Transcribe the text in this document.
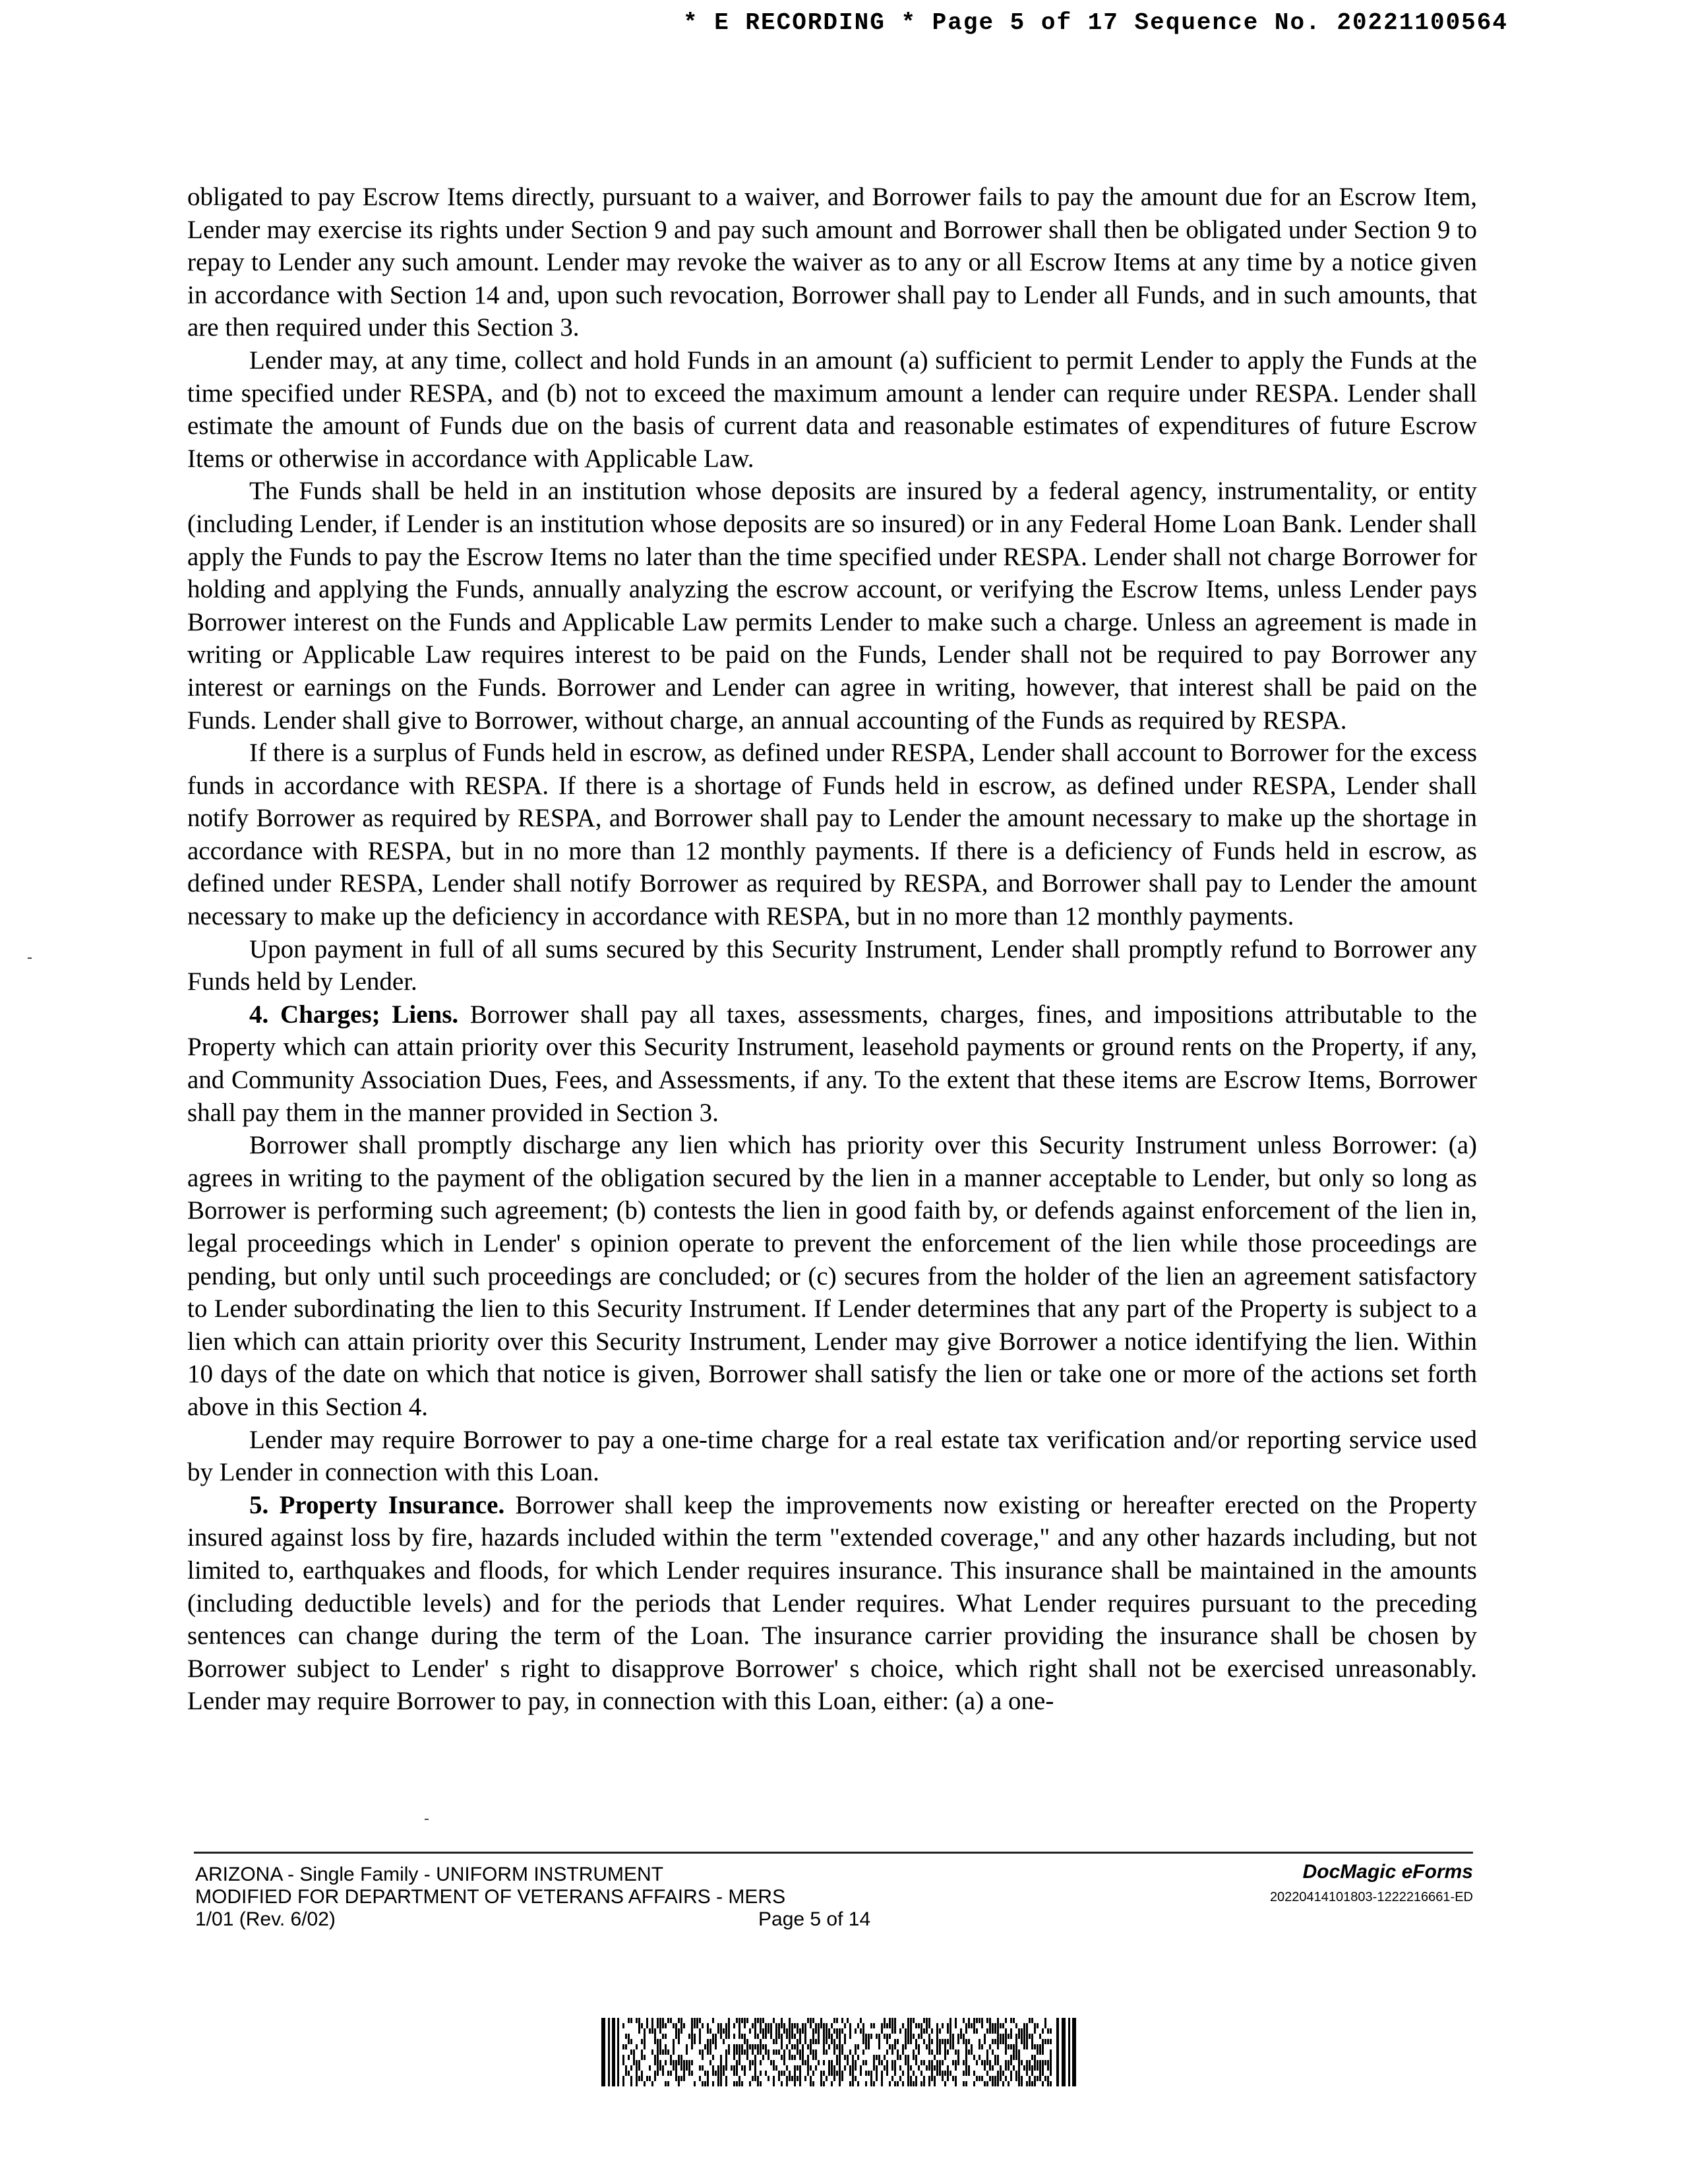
* E RECORDING * Page 5 of 17 Sequence No. 20221100564

obligated to pay Escrow Items directly, pursuant to a waiver, and Borrower fails to pay the amount due for an Escrow Item, Lender may exercise its rights under Section 9 and pay such amount and Borrower shall then be obligated under Section 9 to repay to Lender any such amount. Lender may revoke the waiver as to any or all Escrow Items at any time by a notice given in accordance with Section 14 and, upon such revocation, Borrower shall pay to Lender all Funds, and in such amounts, that are then required under this Section 3.

Lender may, at any time, collect and hold Funds in an amount (a) sufficient to permit Lender to apply the Funds at the time specified under RESPA, and (b) not to exceed the maximum amount a lender can require under RESPA. Lender shall estimate the amount of Funds due on the basis of current data and reasonable estimates of expenditures of future Escrow Items or otherwise in accordance with Applicable Law.

The Funds shall be held in an institution whose deposits are insured by a federal agency, instrumentality, or entity (including Lender, if Lender is an institution whose deposits are so insured) or in any Federal Home Loan Bank. Lender shall apply the Funds to pay the Escrow Items no later than the time specified under RESPA. Lender shall not charge Borrower for holding and applying the Funds, annually analyzing the escrow account, or verifying the Escrow Items, unless Lender pays Borrower interest on the Funds and Applicable Law permits Lender to make such a charge. Unless an agreement is made in writing or Applicable Law requires interest to be paid on the Funds, Lender shall not be required to pay Borrower any interest or earnings on the Funds. Borrower and Lender can agree in writing, however, that interest shall be paid on the Funds. Lender shall give to Borrower, without charge, an annual accounting of the Funds as required by RESPA.

If there is a surplus of Funds held in escrow, as defined under RESPA, Lender shall account to Borrower for the excess funds in accordance with RESPA. If there is a shortage of Funds held in escrow, as defined under RESPA, Lender shall notify Borrower as required by RESPA, and Borrower shall pay to Lender the amount necessary to make up the shortage in accordance with RESPA, but in no more than 12 monthly payments. If there is a deficiency of Funds held in escrow, as defined under RESPA, Lender shall notify Borrower as required by RESPA, and Borrower shall pay to Lender the amount necessary to make up the deficiency in accordance with RESPA, but in no more than 12 monthly payments.

Upon payment in full of all sums secured by this Security Instrument, Lender shall promptly refund to Borrower any Funds held by Lender.

4. Charges; Liens. Borrower shall pay all taxes, assessments, charges, fines, and impositions attributable to the Property which can attain priority over this Security Instrument, leasehold payments or ground rents on the Property, if any, and Community Association Dues, Fees, and Assessments, if any. To the extent that these items are Escrow Items, Borrower shall pay them in the manner provided in Section 3.

Borrower shall promptly discharge any lien which has priority over this Security Instrument unless Borrower: (a) agrees in writing to the payment of the obligation secured by the lien in a manner acceptable to Lender, but only so long as Borrower is performing such agreement; (b) contests the lien in good faith by, or defends against enforcement of the lien in, legal proceedings which in Lender' s opinion operate to prevent the enforcement of the lien while those proceedings are pending, but only until such proceedings are concluded; or (c) secures from the holder of the lien an agreement satisfactory to Lender subordinating the lien to this Security Instrument. If Lender determines that any part of the Property is subject to a lien which can attain priority over this Security Instrument, Lender may give Borrower a notice identifying the lien. Within 10 days of the date on which that notice is given, Borrower shall satisfy the lien or take one or more of the actions set forth above in this Section 4.

Lender may require Borrower to pay a one-time charge for a real estate tax verification and/or reporting service used by Lender in connection with this Loan.

5. Property Insurance. Borrower shall keep the improvements now existing or hereafter erected on the Property insured against loss by fire, hazards included within the term "extended coverage," and any other hazards including, but not limited to, earthquakes and floods, for which Lender requires insurance. This insurance shall be maintained in the amounts (including deductible levels) and for the periods that Lender requires. What Lender requires pursuant to the preceding sentences can change during the term of the Loan. The insurance carrier providing the insurance shall be chosen by Borrower subject to Lender' s right to disapprove Borrower' s choice, which right shall not be exercised unreasonably. Lender may require Borrower to pay, in connection with this Loan, either: (a) a one-

ARIZONA - Single Family - UNIFORM INSTRUMENT
MODIFIED FOR DEPARTMENT OF VETERANS AFFAIRS - MERS
1/01 (Rev. 6/02)	Page 5 of 14
DocMagic eForms
20220414101803-1222216661-ED
